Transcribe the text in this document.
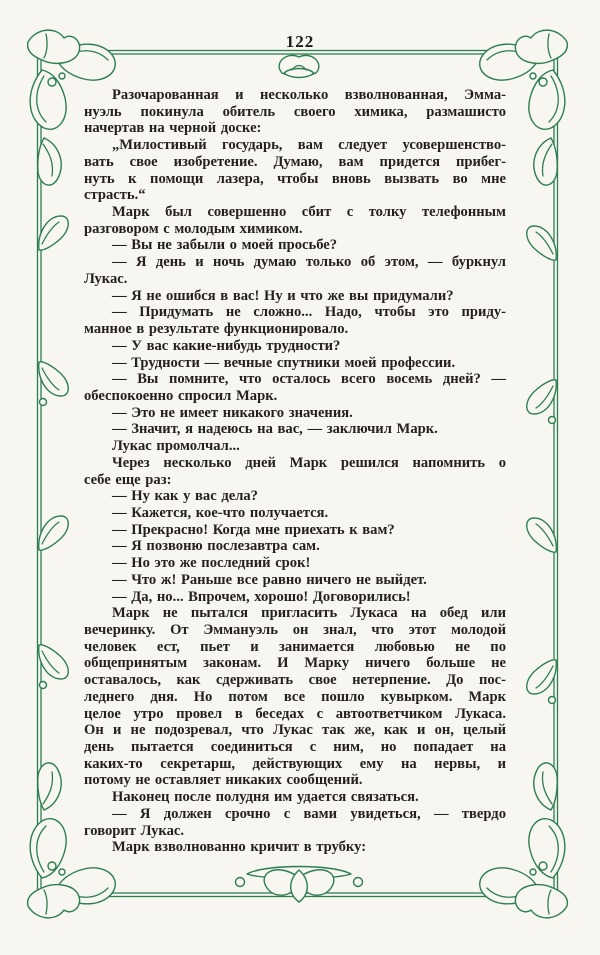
122
Разочарованная и несколько взволнованная, Эмма-
нуэль покинула обитель своего химика, размашисто
начертав на черной доске:
„Милостивый государь, вам следует усовершенство-
вать свое изобретение. Думаю, вам придется прибег-
нуть к помощи лазера, чтобы вновь вызвать во мне
страсть.“
Марк был совершенно сбит с толку телефонным
разговором с молодым химиком.
— Вы не забыли о моей просьбе?
— Я день и ночь думаю только об этом, — буркнул
Лукас.
— Я не ошибся в вас! Ну и что же вы придумали?
— Придумать не сложно... Надо, чтобы это приду-
манное в результате функционировало.
— У вас какие-нибудь трудности?
— Трудности — вечные спутники моей профессии.
— Вы помните, что осталось всего восемь дней? —
обеспокоенно спросил Марк.
— Это не имеет никакого значения.
— Значит, я надеюсь на вас, — заключил Марк.
Лукас промолчал...
Через несколько дней Марк решился напомнить о
себе еще раз:
— Ну как у вас дела?
— Кажется, кое-что получается.
— Прекрасно! Когда мне приехать к вам?
— Я позвоню послезавтра сам.
— Но это же последний срок!
— Что ж! Раньше все равно ничего не выйдет.
— Да, но... Впрочем, хорошо! Договорились!
Марк не пытался пригласить Лукаса на обед или
вечеринку. От Эммануэль он знал, что этот молодой
человек ест, пьет и занимается любовью не по
общепринятым законам. И Марку ничего больше не
оставалось, как сдерживать свое нетерпение. До пос-
леднего дня. Но потом все пошло кувырком. Марк
целое утро провел в беседах с автоответчиком Лукаса.
Он и не подозревал, что Лукас так же, как и он, целый
день пытается соединиться с ним, но попадает на
каких-то секретарш, действующих ему на нервы, и
потому не оставляет никаких сообщений.
Наконец после полудня им удается связаться.
— Я должен срочно с вами увидеться, — твердо
говорит Лукас.
Марк взволнованно кричит в трубку:
